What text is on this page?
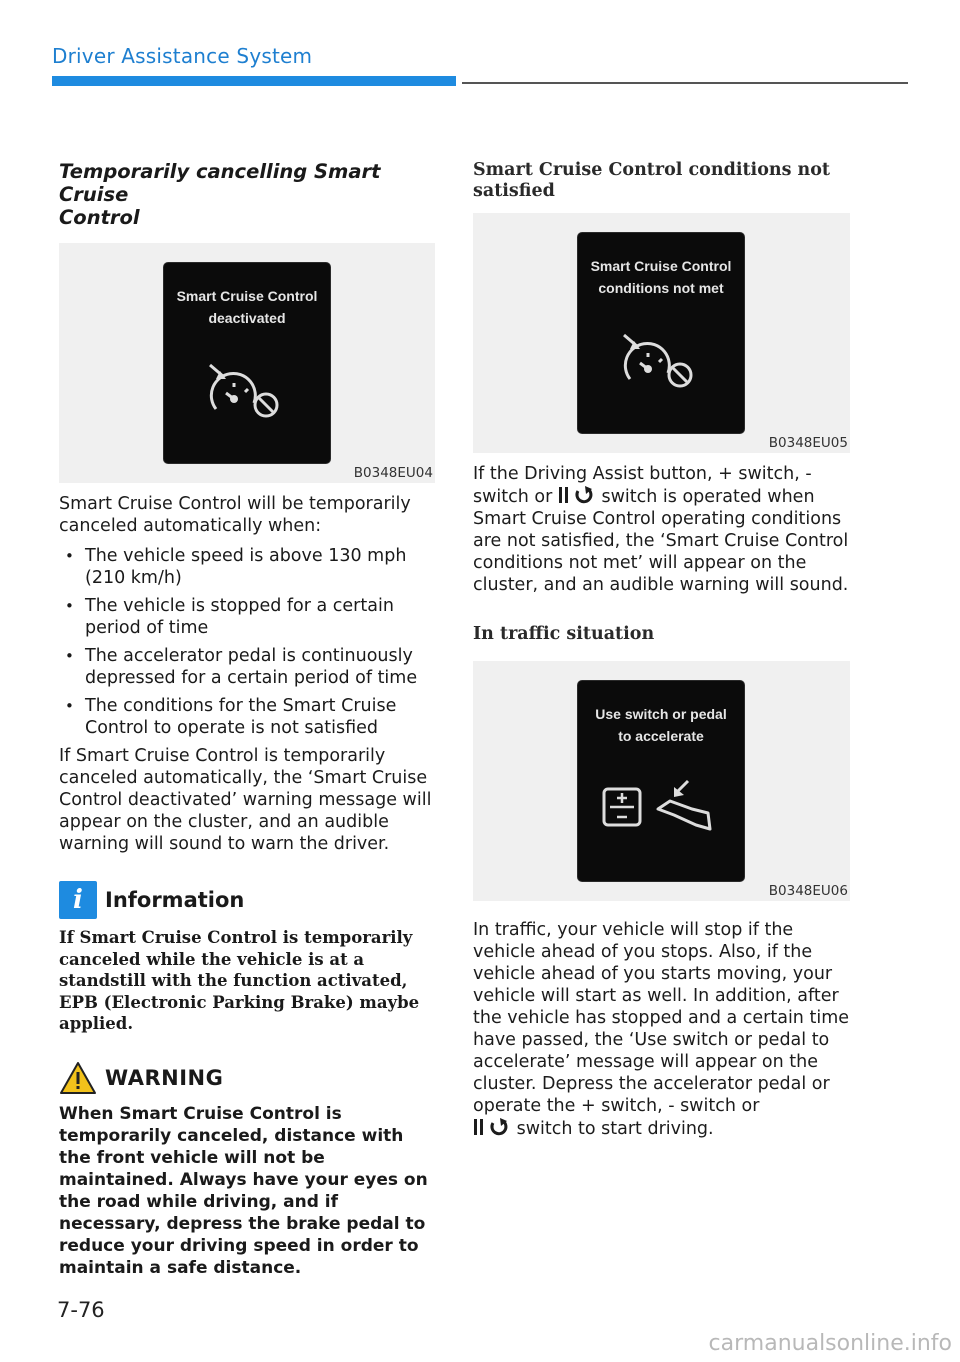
Driver Assistance System
Temporarily cancelling Smart Cruise
Control
Smart Cruise Control
deactivated
B0348EU04

Smart Cruise Control will be temporarily canceled automatically when:

• The vehicle speed is above 130 mph (210 km/h)
• The vehicle is stopped for a certain period of time
• The accelerator pedal is continuously depressed for a certain period of time
• The conditions for the Smart Cruise Control to operate is not satisfied

If Smart Cruise Control is temporarily canceled automatically, the ‘Smart Cruise Control deactivated’ warning message will appear on the cluster, and an audible warning will sound to warn the driver.

i	Information

If Smart Cruise Control is temporarily canceled while the vehicle is at a standstill with the function activated, EPB (Electronic Parking Brake) maybe applied.

WARNING

When Smart Cruise Control is temporarily canceled, distance with the front vehicle will not be maintained. Always have your eyes on the road while driving, and if necessary, depress the brake pedal to reduce your driving speed in order to maintain a safe distance.

Smart Cruise Control conditions not
satisfied
Smart Cruise Control
conditions not met
B0348EU05

If the Driving Assist button, + switch, - switch or	switch is operated when Smart Cruise Control operating conditions are not satisfied, the ‘Smart Cruise Control conditions not met’ will appear on the cluster, and an audible warning will sound.

In traffic situation
Use switch or pedal
to accelerate
B0348EU06

In traffic, your vehicle will stop if the vehicle ahead of you stops. Also, if the vehicle ahead of you starts moving, your vehicle will start as well. In addition, after the vehicle has stopped and a certain time have passed, the ‘Use switch or pedal to accelerate’ message will appear on the cluster. Depress the accelerator pedal or operate the + switch, - switch or
switch to start driving.

7-76
carmanualsonline.info
